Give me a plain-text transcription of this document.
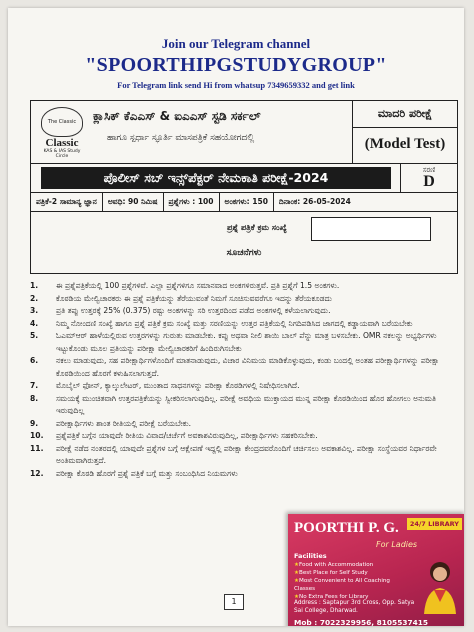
Join our Telegram channel
"SPOORTHIPGSTUDYGROUP"
For Telegram link send Hi from whatsup 7349659332 and get link
The Classic
Classic
KAS & IAS Study Circle
ಕ್ಲಾಸಿಕ್ ಕೆಎಎಸ್ & ಐಎಎಸ್ ಸ್ಟಡಿ ಸರ್ಕಲ್
ಹಾಗೂ ಸ್ಪರ್ಧಾ ಸ್ಫೂರ್ತಿ ಮಾಸಪತ್ರಿಕೆ ಸಹಯೋಗದಲ್ಲಿ
ಮಾದರಿ ಪರೀಕ್ಷೆ
(Model Test)
ಪೊಲೀಸ್ ಸಬ್ ಇನ್ಸ್‌ಪೆಕ್ಟರ್ ನೇಮಕಾತಿ ಪರೀಕ್ಷೆ-2024	ಸರಣಿ
D
ಪತ್ರಿಕೆ-2 ಸಾಮಾನ್ಯ ಜ್ಞಾನ	ಅವಧಿ: 90 ನಿಮಿಷ	ಪ್ರಶ್ನೆಗಳು : 100	ಅಂಕಗಳು: 150	ದಿನಾಂಕ: 26-05-2024
ಪ್ರಶ್ನೆ ಪತ್ರಿಕೆ ಕ್ರಮ ಸಂಖ್ಯೆ
ಸೂಚನೆಗಳು
1.	ಈ ಪ್ರಶ್ನೆಪತ್ರಿಕೆಯಲ್ಲಿ 100 ಪ್ರಶ್ನೆಗಳಿವೆ. ಎಲ್ಲಾ ಪ್ರಶ್ನೆಗಳಿಗೂ ಸಮಾನವಾದ ಅಂಕಗಳಿರುತ್ತವೆ. ಪ್ರತಿ ಪ್ರಶ್ನೆಗೆ 1.5 ಅಂಕಗಳು.
2.	ಕೊಠಡಿಯ ಮೇಲ್ವಿಚಾರಕರು ಈ ಪ್ರಶ್ನೆ ಪತ್ರಿಕೆಯನ್ನು ತೆರೆಯುವಂತೆ ನಿಮಗೆ ಸೂಚಿಸುವವರೆಗೂ ಇದನ್ನು ತೆರೆಯಕೂಡದು
3.	ಪ್ರತಿ ತಪ್ಪು ಉತ್ತರಕ್ಕೆ 25% (0.375) ರಷ್ಟು ಅಂಕಗಳನ್ನು ಸರಿ ಉತ್ತರದಿಂದ ಪಡೆದ ಅಂಕಗಳಲ್ಲಿ ಕಳೆಯಲಾಗುವುದು.
4.	ನಿಮ್ಮ ನೋಂದಣಿ ಸಂಖ್ಯೆ ಹಾಗೂ ಪ್ರಶ್ನೆ ಪತ್ರಿಕೆ ಕ್ರಮ ಸಂಖ್ಯೆ ಮತ್ತು ಸರಣಿಯನ್ನು ಉತ್ತರ ಪತ್ರಿಕೆಯಲ್ಲಿ ನಿಗದಿಪಡಿಸಿದ ಜಾಗದಲ್ಲಿ ಕಡ್ಡಾಯವಾಗಿ ಬರೆಯಬೇಕು
5.	ಓಎಮ್‌ಆರ್ ಹಾಳೆಯಲ್ಲಿರುವ ಉತ್ತರಗಳನ್ನು ಗುರುತು ಮಾಡಬೇಕು. ಕಪ್ಪು ಅಥವಾ ನೀಲಿ ಶಾಯಿ ಬಾಲ್ ಪೆನ್ನು ಮಾತ್ರ ಬಳಸಬೇಕು. OMR ನಕಲನ್ನು ಅಭ್ಯರ್ಥಿಗಳು ಇಟ್ಟುಕೊಂಡು ಮೂಲ ಪ್ರತಿಯನ್ನು ಪರೀಕ್ಷಾ ಮೇಲ್ವಿಚಾರಕರಿಗೆ ಹಿಂದಿರುಗಿಸಬೇಕು
6.	ನಕಲು ಮಾಡುವುದು, ಸಹ ಪರೀಕ್ಷಾರ್ಥಿಗಳೊಂದಿಗೆ ಮಾತನಾಡುವುದು, ವಿಚಾರ ವಿನಿಮಯ ಮಾಡಿಕೊಳ್ಳುವುದು, ಕಂಡು ಬಂದಲ್ಲಿ ಅಂತಹ ಪರೀಕ್ಷಾರ್ಥಿಗಳನ್ನು ಪರೀಕ್ಷಾ ಕೊಠಡಿಯಿಂದ ಹೊರಗೆ ಕಳುಹಿಸಲಾಗುತ್ತದೆ.
7.	ಮೊಬೈಲ್ ಫೋನ್, ಕ್ಯಾಲ್ಕುಲೇಟರ್, ಮುಂತಾದ ಸಾಧನಗಳನ್ನು ಪರೀಕ್ಷಾ ಕೊಠಡಿಗಳಲ್ಲಿ ನಿಷೇಧಿಸಲಾಗಿದೆ.
8.	ಸಮಯಕ್ಕೆ ಮುಂಚಿತವಾಗಿ ಉತ್ತರಪತ್ರಿಕೆಯನ್ನು ಸ್ವೀಕರಿಸಲಾಗುವುದಿಲ್ಲ. ಪರೀಕ್ಷೆ ಅವಧಿಯ ಮುಕ್ತಾಯದ ಮುನ್ನ ಪರೀಕ್ಷಾ ಕೊಠಡಿಯಿಂದ ಹೊರ ಹೋಗಲು ಅನುಮತಿ ಇರುವುದಿಲ್ಲ
9.	ಪರೀಕ್ಷಾರ್ಥಿಗಳು ಶಾಂತ ರೀತಿಯಲ್ಲಿ ಪರೀಕ್ಷೆ ಬರೆಯಬೇಕು.
10.	ಪ್ರಶ್ನೆಪತ್ರಿಕೆ ಬಗ್ಗೆನ ಯಾವುದೇ ರೀತಿಯ ವಿವಾದ/ಚರ್ಚೆಗೆ ಅವಕಾಶವಿರುವುದಿಲ್ಲ, ಪರೀಕ್ಷಾರ್ಥಿಗಳು ಸಹಕರಿಸಬೇಕು.
11.	ಪರೀಕ್ಷೆ ನಡೆದ ನಂತರದಲ್ಲಿ ಯಾವುದೇ ಪ್ರಶ್ನೆಗಳ ಬಗ್ಗೆ ಆಕ್ಷೇಪಣೆ ಇದ್ದಲ್ಲಿ ಪರೀಕ್ಷಾ ಕೇಂದ್ರದವರೊಂದಿಗೆ ಚರ್ಚಿಸಲು ಅವಕಾಶವಿಲ್ಲ. ಪರೀಕ್ಷಾ ಸಂಸ್ಥೆಯವರ ನಿರ್ಧಾರವೇ ಅಂತಿಮವಾಗಿರುತ್ತದೆ.
12.	ಪರೀಕ್ಷಾ ಕೊಠಡಿ ಹೊರಗೆ ಪ್ರಶ್ನೆ ಪತ್ರಿಕೆ ಬಗ್ಗೆ ಮತ್ತು ಸಂಬಂಧಿಸಿದ ನಿಯಮಗಳು
1
POORTHI P. G.	24/7 LIBRARY
For Ladies
Facilities
★ Food with Accommodation
★ Best Place for Self Study
★ Most Convenient to All Coaching Classes
★ No Extra Fees for Library
Address : Saptapur 3rd Cross, Opp. Satya Sai College, Dharwad.
Mob : 7022329956, 8105537415
